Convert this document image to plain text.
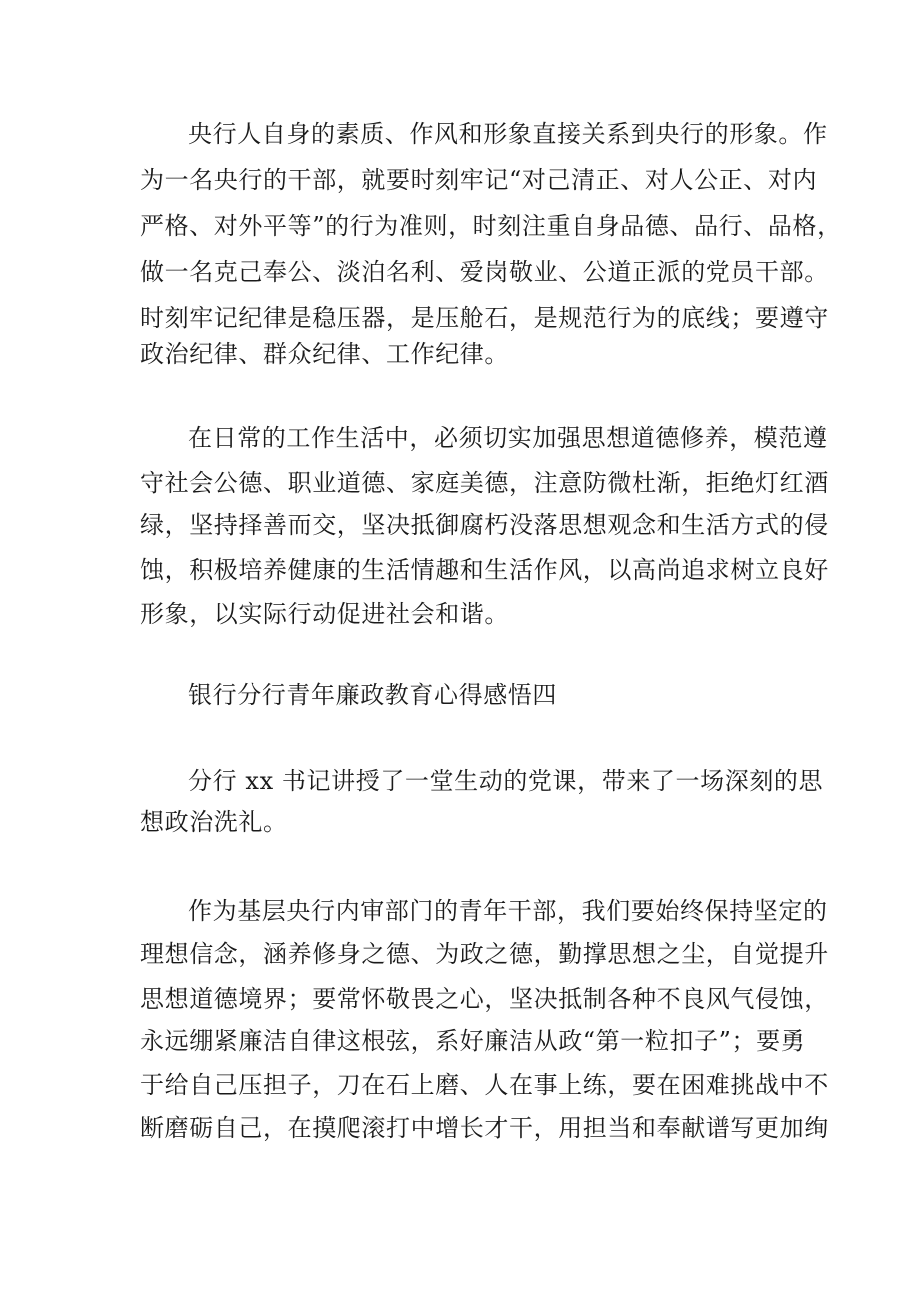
央行人自身的素质、作风和形象直接关系到央行的形象。作
为一名央行的干部，就要时刻牢记“对己清正、对人公正、对内
严格、对外平等”的行为准则，时刻注重自身品德、品行、品格，
做一名克己奉公、淡泊名利、爱岗敬业、公道正派的党员干部。
时刻牢记纪律是稳压器，是压舱石，是规范行为的底线；要遵守
政治纪律、群众纪律、工作纪律。
在日常的工作生活中，必须切实加强思想道德修养，模范遵
守社会公德、职业道德、家庭美德，注意防微杜渐，拒绝灯红酒
绿，坚持择善而交，坚决抵御腐朽没落思想观念和生活方式的侵
蚀，积极培养健康的生活情趣和生活作风，以高尚追求树立良好
形象，以实际行动促进社会和谐。
银行分行青年廉政教育心得感悟四
分行 xx 书记讲授了一堂生动的党课，带来了一场深刻的思
想政治洗礼。
作为基层央行内审部门的青年干部，我们要始终保持坚定的
理想信念，涵养修身之德、为政之德，勤撑思想之尘，自觉提升
思想道德境界；要常怀敬畏之心，坚决抵制各种不良风气侵蚀，
永远绷紧廉洁自律这根弦，系好廉洁从政“第一粒扣子”；要勇
于给自己压担子，刀在石上磨、人在事上练，要在困难挑战中不
断磨砺自己，在摸爬滚打中增长才干，用担当和奉献谱写更加绚
